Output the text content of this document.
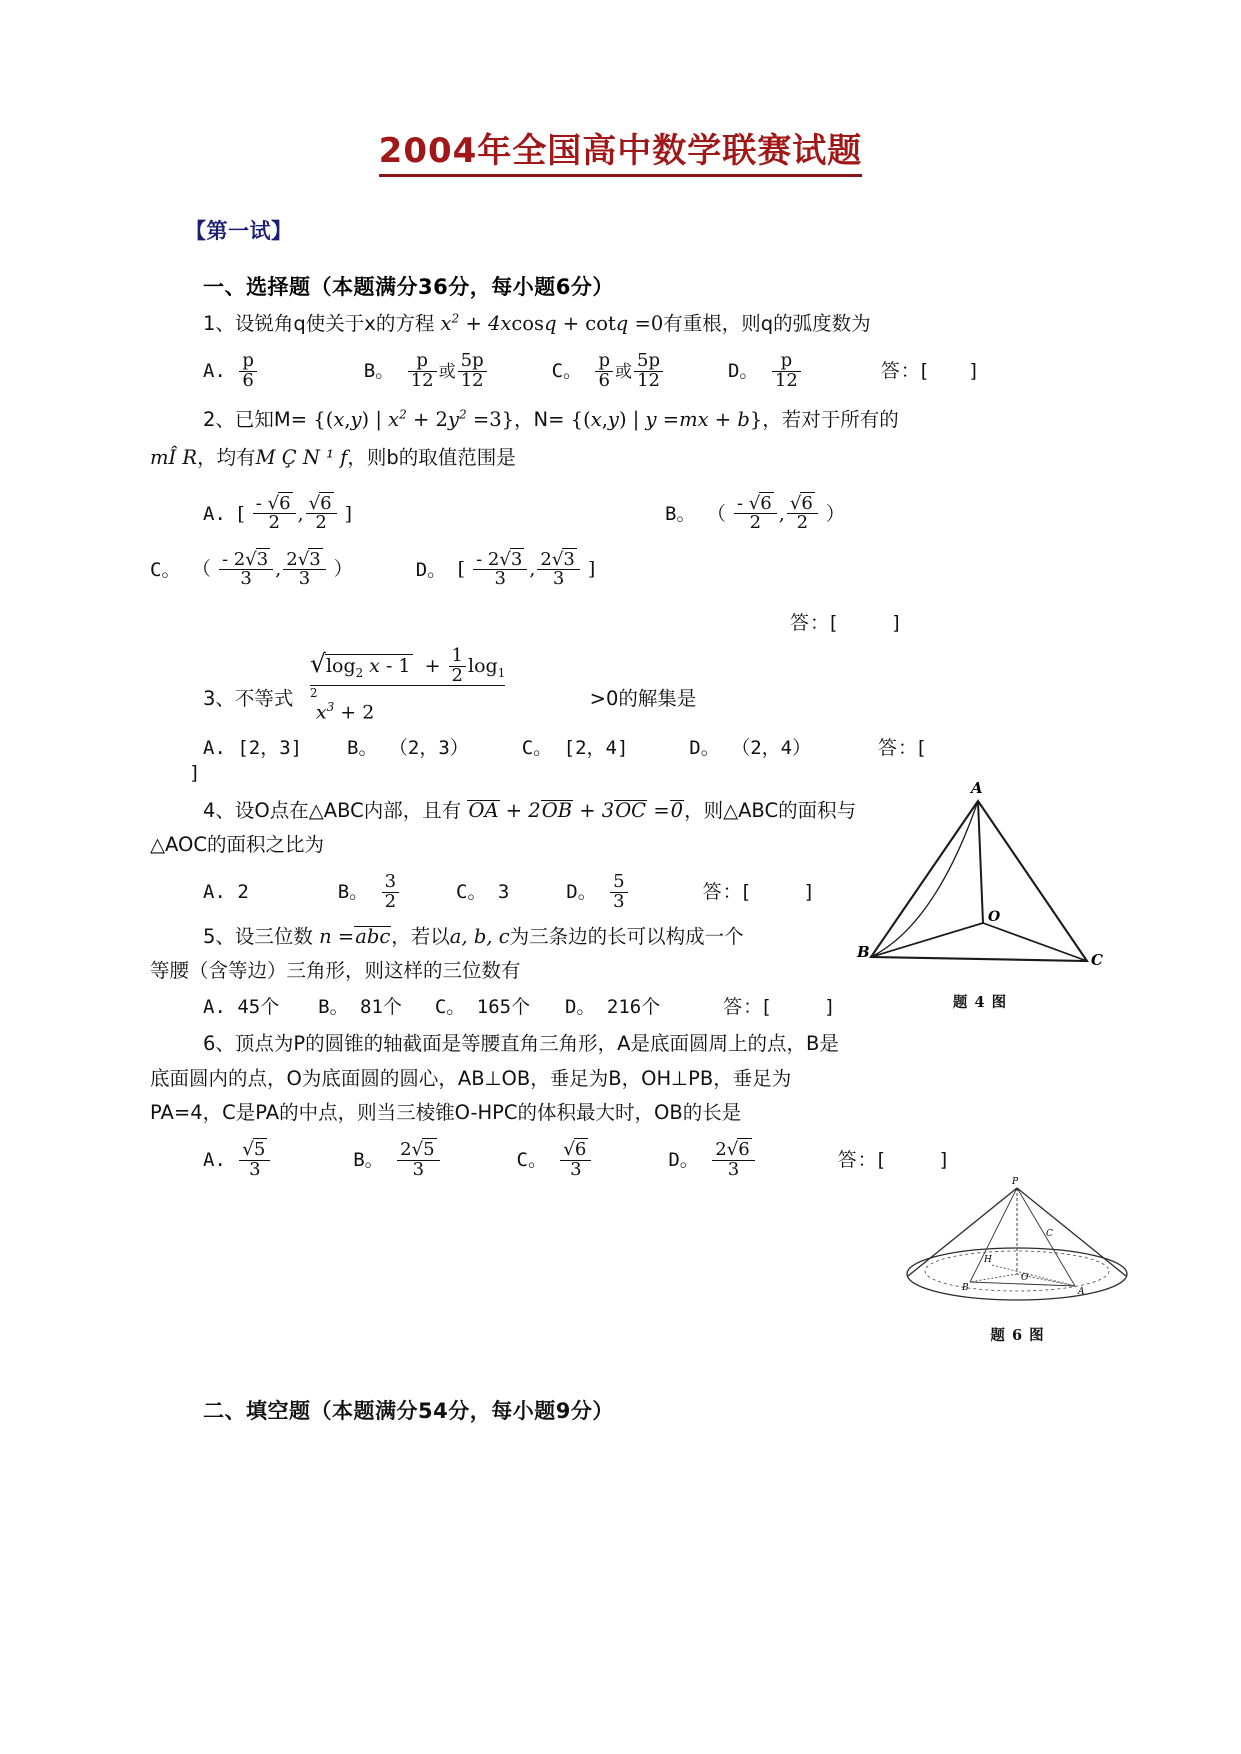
2004年全国高中数学联赛试题
【第一试】
一、选择题（本题满分36分，每小题6分）
1、设锐角q使关于x的方程 $x^2 + 4xcosq + \cot q =0$有重根，则q的弧度数为
A. $\frac{p}{6}$	B。 $\frac{p}{12}$ 或 $\frac{5p}{12}$	C。 $\frac{p}{6}$ 或 $\frac{5p}{12}$	D。 $\frac{p}{12}$	答：[ ]
2、已知M= {(x,y) | $x^2 + 2y^2 =3$}，N= {(x,y) | y =mx + b}，若对于所有的
mÎ R，均有M Ç N ¹ f，则b的取值范围是
A. [ $\frac{- √6}{2}$ , $\frac{√6}{2}$ ]	B。 （ $\frac{- √6}{2}$ , $\frac{√6}{2}$ ）
C。 （ $\frac{- 2√3}{3}$ , $\frac{2√3}{3}$ ）	D。 [ $\frac{- 2√3}{3}$ , $\frac{2√3}{3}$ ]
答：[	]
$√\log_2$ $x - 1 + \frac{1}{2} \log_{1 2}$
$x^3 + 2$
3、不等式	>0的解集是
A. [2，3] B。 （2，3）	C。 [2，4]	D。 （2，4）	答：[
]
4、设O点在△ABC内部，且有 OA + 2OB + 3OC =0，则△ABC的面积与
△AOC的面积之比为
A. 2	B。 $\frac{3}{2}$	C。 3	D。 $\frac{5}{3}$	答：[	]
5、设三位数 n =abc，若以a, b, c为三条边的长可以构成一个
等腰（含等边）三角形，则这样的三位数有
A. 45个 B。 81个 C。 165个 D。 216个	答：[	]
6、顶点为P的圆锥的轴截面是等腰直角三角形，A是底面圆周上的点，B是
底面圆内的点，O为底面圆的圆心，AB⊥OB，垂足为B，OH⊥PB，垂足为
PA=4，C是PA的中点，则当三棱锥O-HPC的体积最大时，OB的长是
A. $\frac{√5}{3}$	B。 $\frac{2√5}{3}$	C。 $\frac{√6}{3}$	D。 $\frac{2√6}{3}$	答：[	]
A
B	C
O
题 4 图
P
C
H
O
B	A
题 6 图
二、填空题（本题满分54分，每小题9分）
